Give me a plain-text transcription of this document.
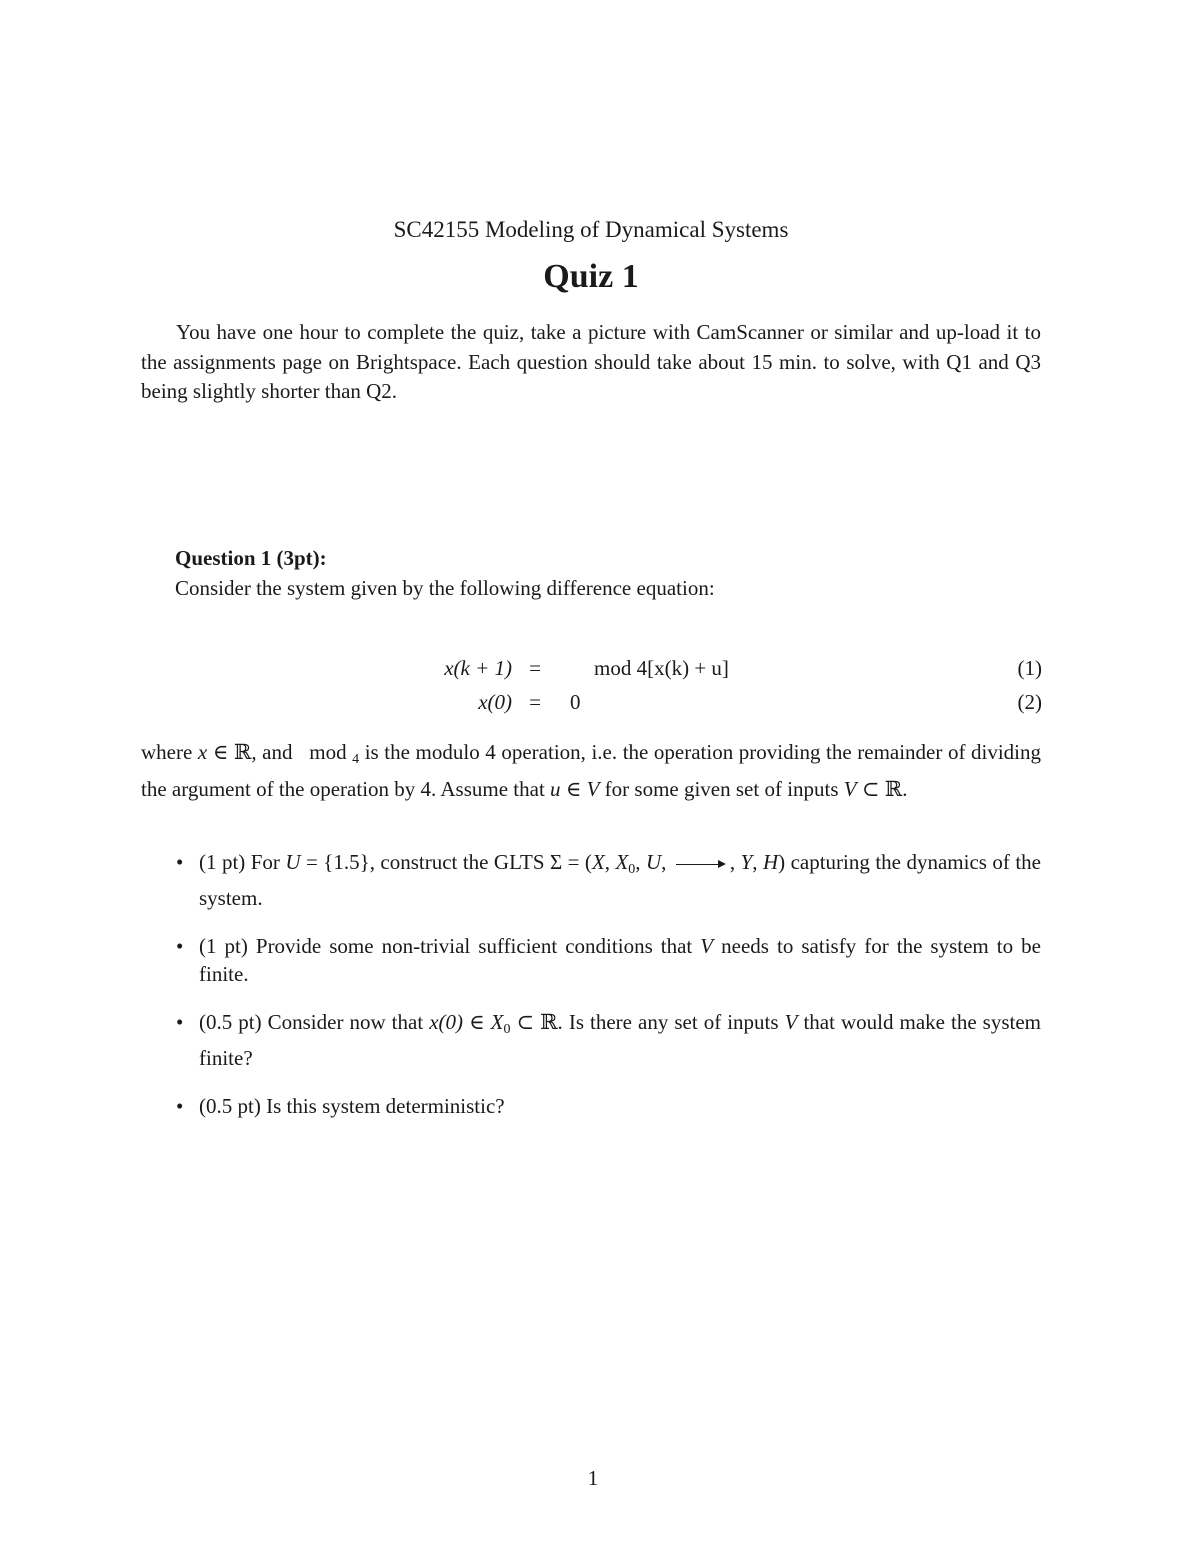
SC42155 Modeling of Dynamical Systems
Quiz 1

You have one hour to complete the quiz, take a picture with CamScanner or similar and up-load it to the assignments page on Brightspace. Each question should take about 15 min. to solve, with Q1 and Q3 being slightly shorter than Q2.

Question 1 (3pt):
Consider the system given by the following difference equation:
x(k + 1) =	mod 4[x(k) + u]	(1)
x(0) = 0	(2)

where x ∈ ℝ, and   mod $_4$ is the modulo 4 operation, i.e. the operation providing the remainder of dividing the argument of the operation by 4. Assume that u ∈ V for some given set of inputs V ⊂ ℝ.

• (1 pt) For U = {1.5}, construct the GLTS Σ = (X, $X_0$, U,	, Y, H) capturing the dynamics of the system.
• (1 pt) Provide some non-trivial sufficient conditions that V needs to satisfy for the system to be finite.
• (0.5 pt) Consider now that x(0) ∈ $X_0$ ⊂ ℝ. Is there any set of inputs V that would make the system finite?
• (0.5 pt) Is this system deterministic?
1
